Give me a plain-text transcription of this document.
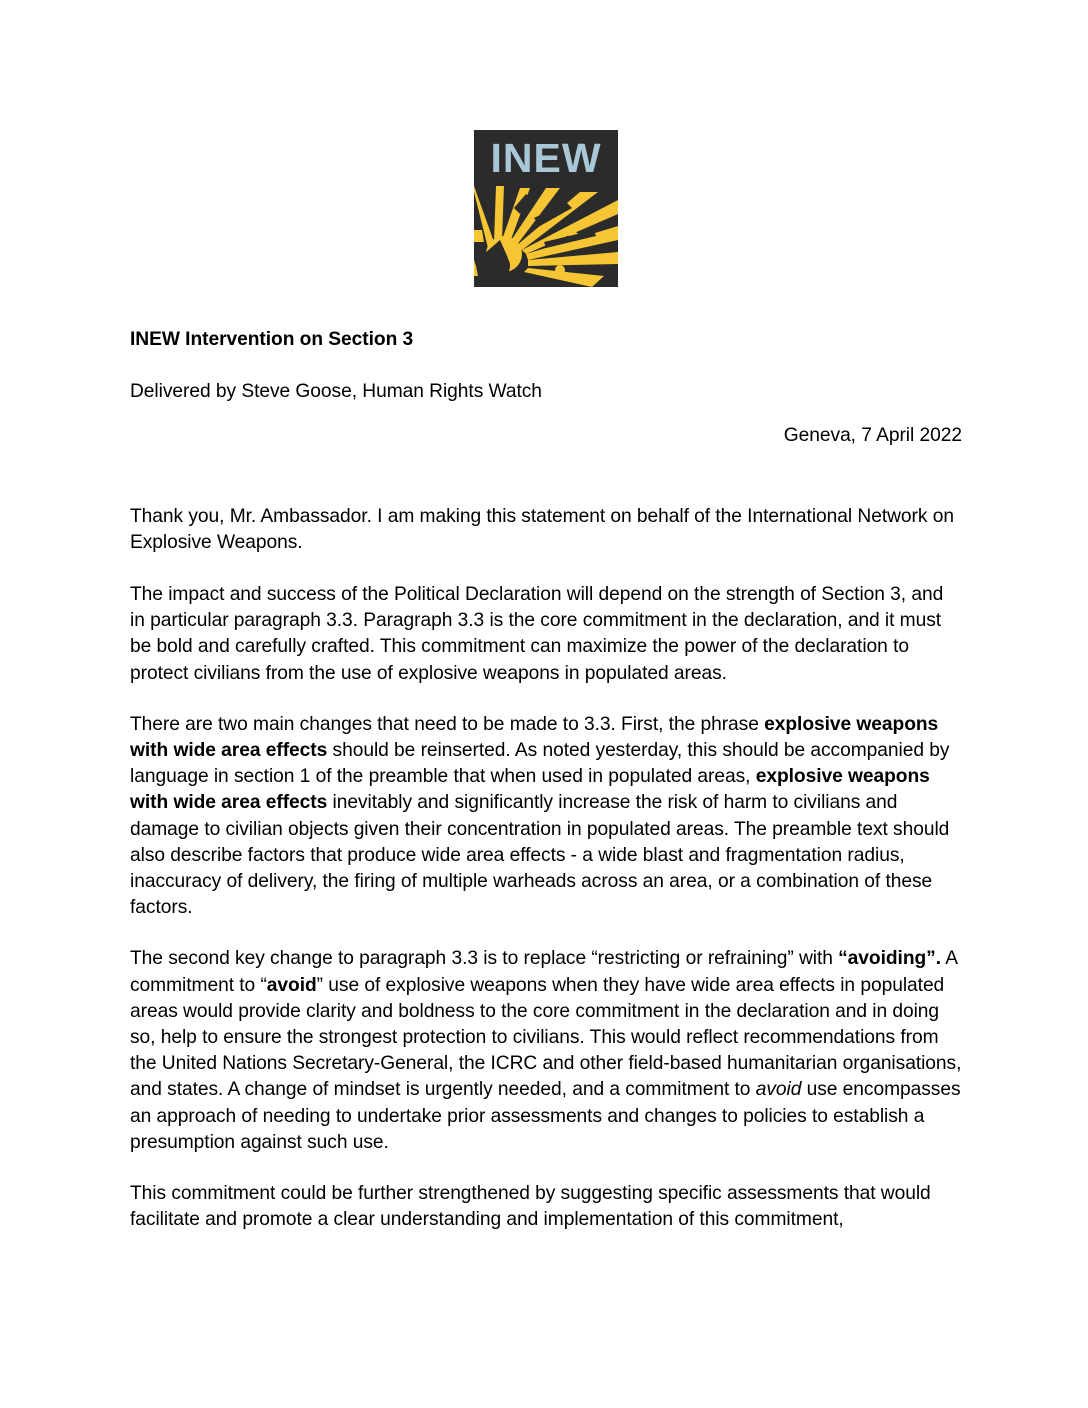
INEW

INEW Intervention on Section 3

Delivered by Steve Goose, Human Rights Watch

Geneva, 7 April 2022

Thank you, Mr. Ambassador. I am making this statement on behalf of the International Network on Explosive Weapons.

The impact and success of the Political Declaration will depend on the strength of Section 3, and in particular paragraph 3.3. Paragraph 3.3 is the core commitment in the declaration, and it must be bold and carefully crafted. This commitment can maximize the power of the declaration to protect civilians from the use of explosive weapons in populated areas.

There are two main changes that need to be made to 3.3. First, the phrase explosive weapons with wide area effects should be reinserted. As noted yesterday, this should be accompanied by language in section 1 of the preamble that when used in populated areas, explosive weapons with wide area effects inevitably and significantly increase the risk of harm to civilians and damage to civilian objects given their concentration in populated areas. The preamble text should also describe factors that produce wide area effects - a wide blast and fragmentation radius, inaccuracy of delivery, the firing of multiple warheads across an area, or a combination of these factors.

The second key change to paragraph 3.3 is to replace “restricting or refraining” with “avoiding”. A commitment to “avoid” use of explosive weapons when they have wide area effects in populated areas would provide clarity and boldness to the core commitment in the declaration and in doing so, help to ensure the strongest protection to civilians. This would reflect recommendations from the United Nations Secretary-General, the ICRC and other field-based humanitarian organisations, and states. A change of mindset is urgently needed, and a commitment to avoid use encompasses an approach of needing to undertake prior assessments and changes to policies to establish a presumption against such use.

This commitment could be further strengthened by suggesting specific assessments that would facilitate and promote a clear understanding and implementation of this commitment,
